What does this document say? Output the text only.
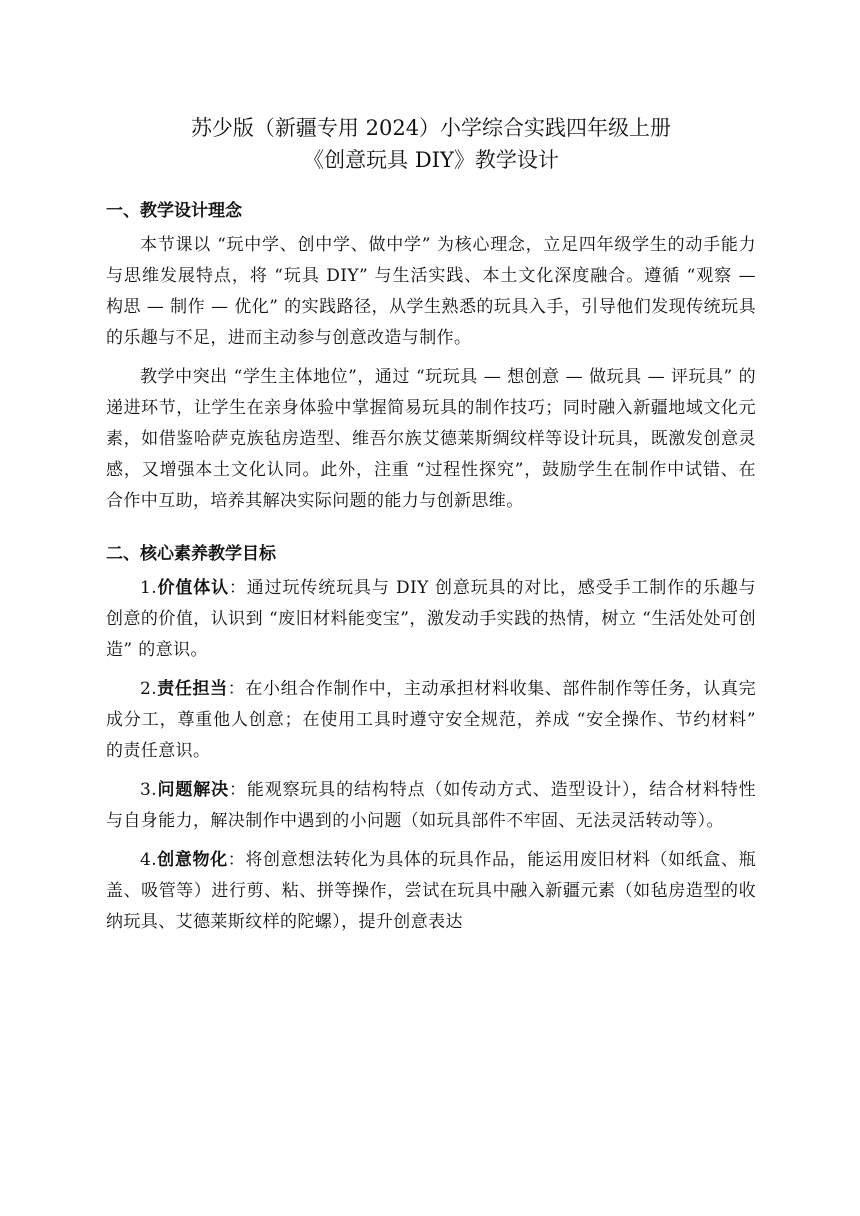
苏少版（新疆专用 2024）小学综合实践四年级上册

《创意玩具 DIY》教学设计

一、教学设计理念

本节课以 “玩中学、创中学、做中学” 为核心理念，立足四年级学生的动手能力与思维发展特点，将 “玩具 DIY” 与生活实践、本土文化深度融合。遵循 “观察 — 构思 — 制作 — 优化” 的实践路径，从学生熟悉的玩具入手，引导他们发现传统玩具的乐趣与不足，进而主动参与创意改造与制作。

教学中突出 “学生主体地位”，通过 “玩玩具 — 想创意 — 做玩具 — 评玩具” 的递进环节，让学生在亲身体验中掌握简易玩具的制作技巧；同时融入新疆地域文化元素，如借鉴哈萨克族毡房造型、维吾尔族艾德莱斯绸纹样等设计玩具，既激发创意灵感，又增强本土文化认同。此外，注重 “过程性探究”，鼓励学生在制作中试错、在合作中互助，培养其解决实际问题的能力与创新思维。

二、核心素养教学目标

1.价值体认：通过玩传统玩具与 DIY 创意玩具的对比，感受手工制作的乐趣与创意的价值，认识到 “废旧材料能变宝”，激发动手实践的热情，树立 “生活处处可创造” 的意识。

2.责任担当：在小组合作制作中，主动承担材料收集、部件制作等任务，认真完成分工，尊重他人创意；在使用工具时遵守安全规范，养成 “安全操作、节约材料” 的责任意识。

3.问题解决：能观察玩具的结构特点（如传动方式、造型设计），结合材料特性与自身能力，解决制作中遇到的小问题（如玩具部件不牢固、无法灵活转动等）。

4.创意物化：将创意想法转化为具体的玩具作品，能运用废旧材料（如纸盒、瓶盖、吸管等）进行剪、粘、拼等操作，尝试在玩具中融入新疆元素（如毡房造型的收纳玩具、艾德莱斯纹样的陀螺），提升创意表达
